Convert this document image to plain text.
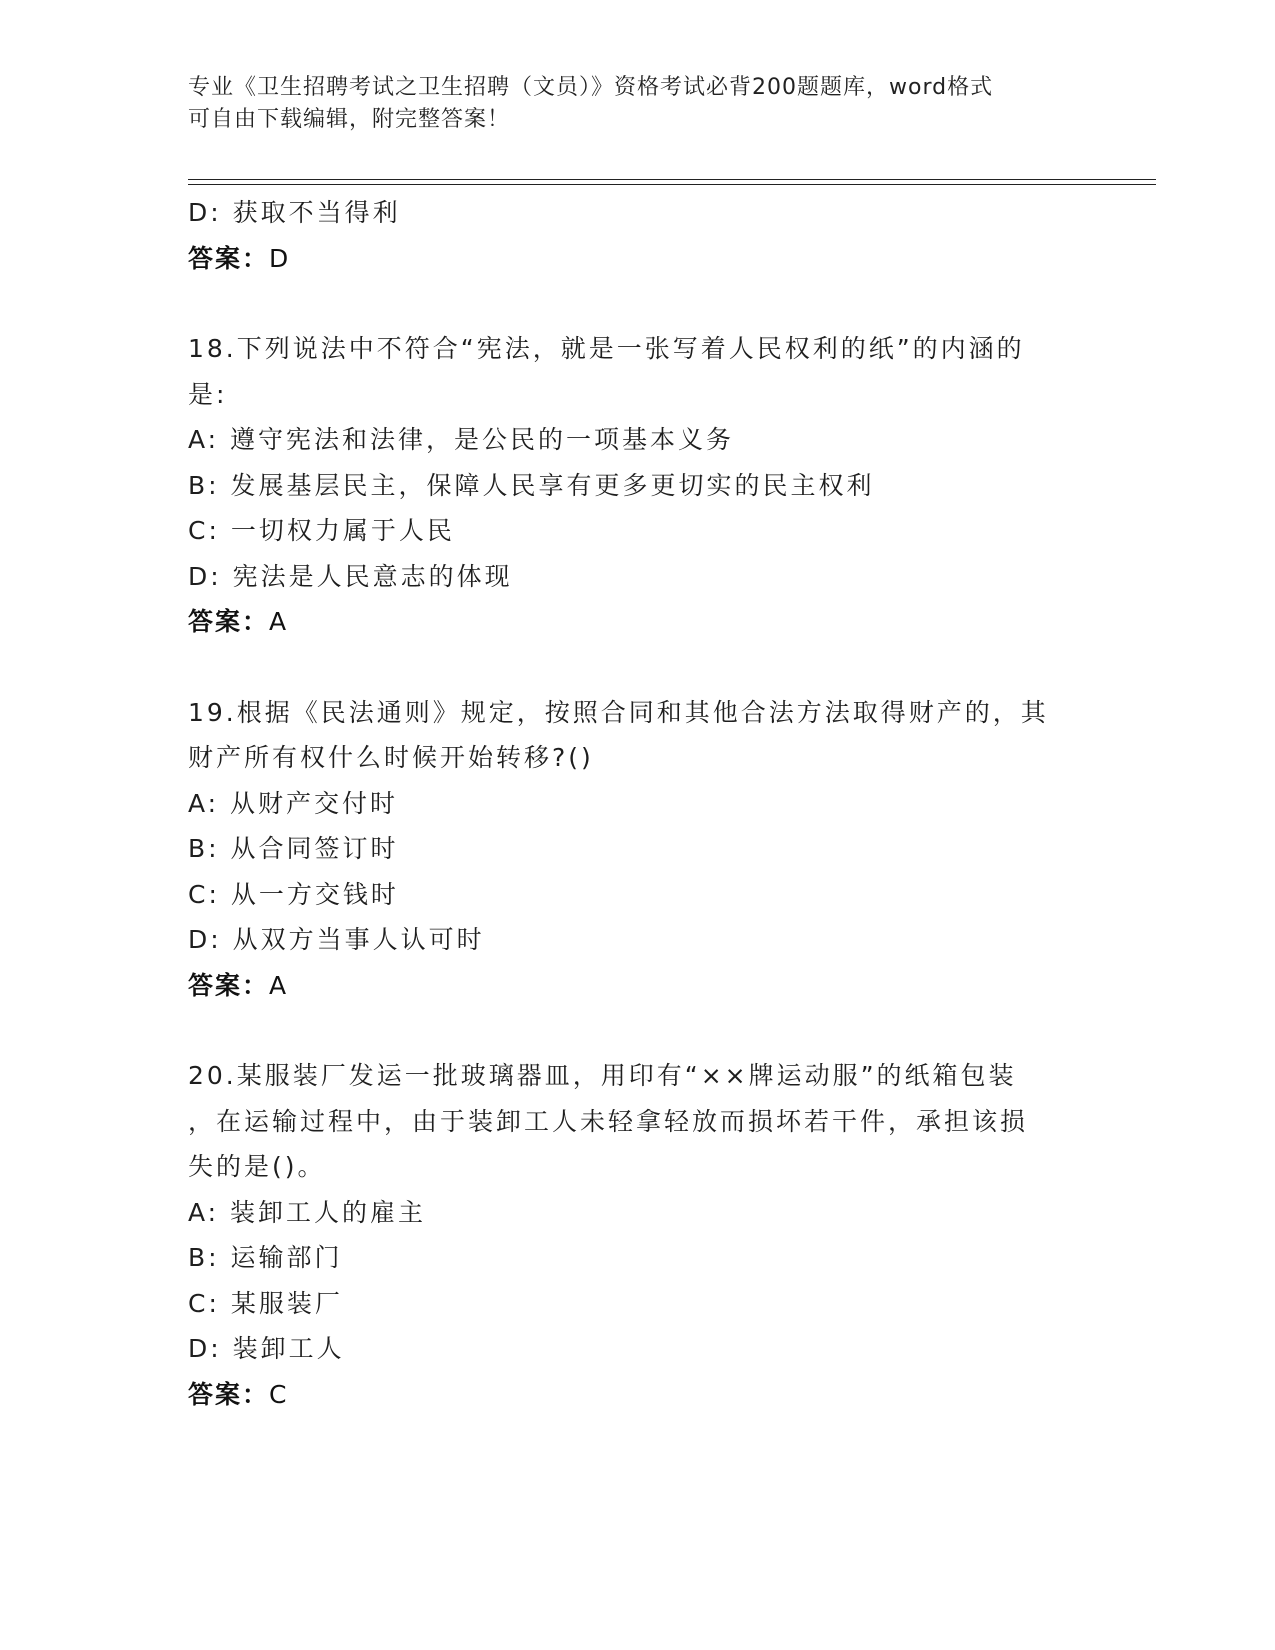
专业《卫生招聘考试之卫生招聘（文员）》资格考试必背200题题库，word格式
可自由下载编辑，附完整答案！
D: 获取不当得利
答案：D
18.下列说法中不符合“宪法，就是一张写着人民权利的纸”的内涵的
是:
A: 遵守宪法和法律，是公民的一项基本义务
B: 发展基层民主，保障人民享有更多更切实的民主权利
C: 一切权力属于人民
D: 宪法是人民意志的体现
答案：A
19.根据《民法通则》规定，按照合同和其他合法方法取得财产的，其
财产所有权什么时候开始转移?()
A: 从财产交付时
B: 从合同签订时
C: 从一方交钱时
D: 从双方当事人认可时
答案：A
20.某服装厂发运一批玻璃器皿，用印有“××牌运动服”的纸箱包装
，在运输过程中，由于装卸工人未轻拿轻放而损坏若干件，承担该损
失的是()。
A: 装卸工人的雇主
B: 运输部门
C: 某服装厂
D: 装卸工人
答案：C
